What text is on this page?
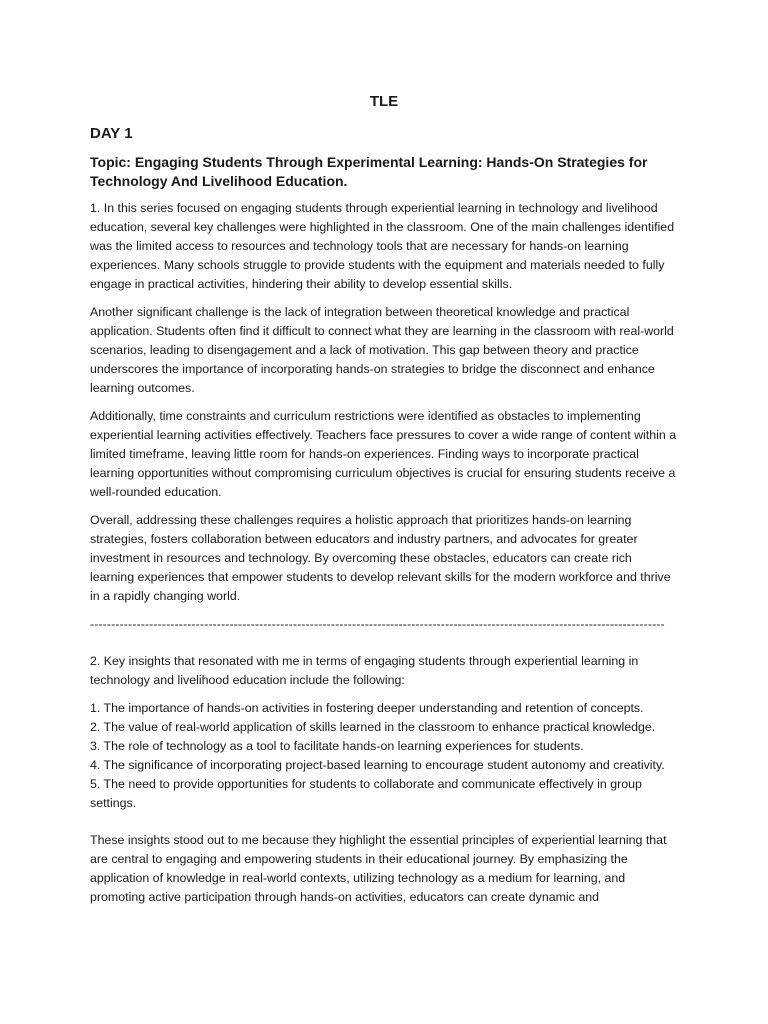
TLE
DAY 1
Topic: Engaging Students Through Experimental Learning: Hands-On Strategies for Technology And Livelihood Education.

1. In this series focused on engaging students through experiential learning in technology and livelihood education, several key challenges were highlighted in the classroom. One of the main challenges identified was the limited access to resources and technology tools that are necessary for hands-on learning experiences. Many schools struggle to provide students with the equipment and materials needed to fully engage in practical activities, hindering their ability to develop essential skills.

Another significant challenge is the lack of integration between theoretical knowledge and practical application. Students often find it difficult to connect what they are learning in the classroom with real-world scenarios, leading to disengagement and a lack of motivation. This gap between theory and practice underscores the importance of incorporating hands-on strategies to bridge the disconnect and enhance learning outcomes.

Additionally, time constraints and curriculum restrictions were identified as obstacles to implementing experiential learning activities effectively. Teachers face pressures to cover a wide range of content within a limited timeframe, leaving little room for hands-on experiences. Finding ways to incorporate practical learning opportunities without compromising curriculum objectives is crucial for ensuring students receive a well-rounded education.

Overall, addressing these challenges requires a holistic approach that prioritizes hands-on learning strategies, fosters collaboration between educators and industry partners, and advocates for greater investment in resources and technology. By overcoming these obstacles, educators can create rich learning experiences that empower students to develop relevant skills for the modern workforce and thrive in a rapidly changing world.

----------------------------------------------------------------------------------------------------------------------------------------

2. Key insights that resonated with me in terms of engaging students through experiential learning in technology and livelihood education include the following:

1. The importance of hands-on activities in fostering deeper understanding and retention of concepts.
2. The value of real-world application of skills learned in the classroom to enhance practical knowledge.
3. The role of technology as a tool to facilitate hands-on learning experiences for students.
4. The significance of incorporating project-based learning to encourage student autonomy and creativity.
5. The need to provide opportunities for students to collaborate and communicate effectively in group settings.

These insights stood out to me because they highlight the essential principles of experiential learning that are central to engaging and empowering students in their educational journey. By emphasizing the application of knowledge in real-world contexts, utilizing technology as a medium for learning, and promoting active participation through hands-on activities, educators can create dynamic and
